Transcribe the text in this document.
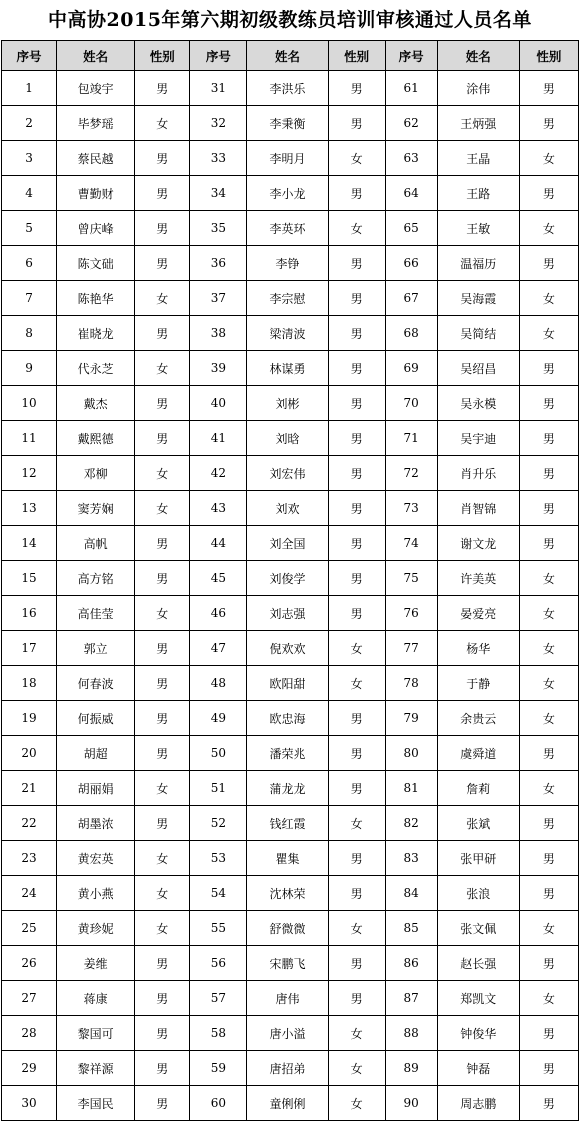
中高协2015年第六期初级教练员培训审核通过人员名单
序号	姓名	性别	序号	姓名	性别	序号	姓名	性别
1	包竣宇	男	31	李洪乐	男	61	涂伟	男
2	毕梦瑶	女	32	李秉衡	男	62	王炳强	男
3	蔡民越	男	33	李明月	女	63	王晶	女
4	曹勤财	男	34	李小龙	男	64	王路	男
5	曾庆峰	男	35	李英环	女	65	王敏	女
6	陈文础	男	36	李铮	男	66	温福历	男
7	陈艳华	女	37	李宗慰	男	67	吴海霞	女
8	崔晓龙	男	38	梁清波	男	68	吴简结	女
9	代永芝	女	39	林谋勇	男	69	吴绍昌	男
10	戴杰	男	40	刘彬	男	70	吴永模	男
11	戴熙德	男	41	刘晗	男	71	吴宇迪	男
12	邓柳	女	42	刘宏伟	男	72	肖升乐	男
13	窦芳娴	女	43	刘欢	男	73	肖智锦	男
14	高帆	男	44	刘全国	男	74	谢文龙	男
15	高方铭	男	45	刘俊学	男	75	许美英	女
16	高佳莹	女	46	刘志强	男	76	晏爱亮	女
17	郭立	男	47	倪欢欢	女	77	杨华	女
18	何春波	男	48	欧阳甜	女	78	于静	女
19	何振威	男	49	欧忠海	男	79	余贵云	女
20	胡超	男	50	潘荣兆	男	80	虞舜道	男
21	胡丽娟	女	51	蒲龙龙	男	81	詹莉	女
22	胡墨浓	男	52	钱红霞	女	82	张斌	男
23	黄宏英	女	53	瞿集	男	83	张甲研	男
24	黄小燕	女	54	沈林荣	男	84	张浪	男
25	黄珍妮	女	55	舒微微	女	85	张文佩	女
26	姜维	男	56	宋鹏飞	男	86	赵长强	男
27	蒋康	男	57	唐伟	男	87	郑凯文	女
28	黎国可	男	58	唐小溢	女	88	钟俊华	男
29	黎祥源	男	59	唐招弟	女	89	钟磊	男
30	李国民	男	60	童俐俐	女	90	周志鹏	男
